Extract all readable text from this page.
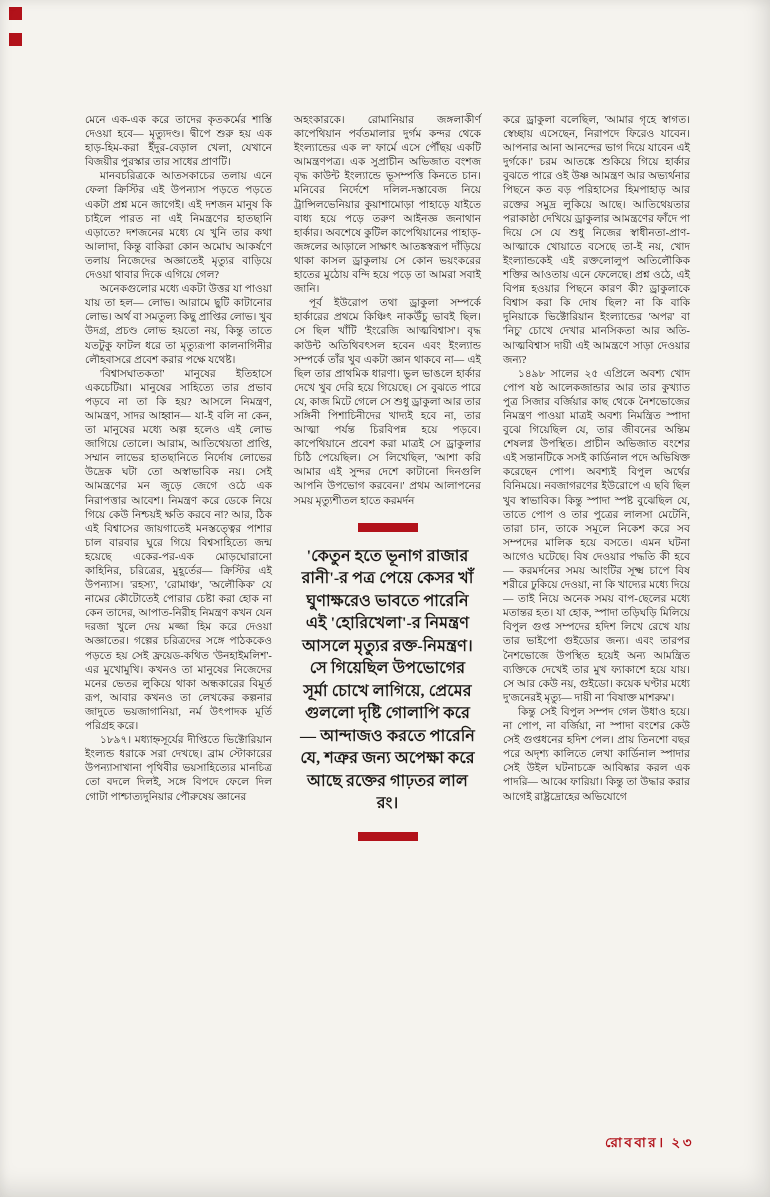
মেনে এক-এক করে তাদের কৃতকর্মের শাস্তি দেওয়া হবে— মৃত্যুদণ্ড। দ্বীপে শুরু হয় এক হাড়-হিম-করা ইঁদুর-বেড়াল খেলা, যেখানে বিজয়ীর পুরস্কার তার সাধের প্রাণটি।

মানবচরিত্রকে আতসকাচের তলায় এনে ফেলা ক্রিস্টির এই উপন্যাস পড়তে পড়তে একটা প্রশ্ন মনে জাগেই। এই দশজন মানুষ কি চাইলে পারত না এই নিমন্ত্রণের হাতছানি এড়াতে? দশজনের মধ্যে যে খুনি তার কথা আলাদা, কিন্তু বাকিরা কোন অমোঘ আকর্ষণে তলায় নিজেদের অজ্ঞাতেই মৃত্যুর বাড়িয়ে দেওয়া থাবার দিকে এগিয়ে গেল?

অনেকগুলোর মধ্যে একটা উত্তর যা পাওয়া যায় তা হল— লোভ। আরামে ছুটি কাটানোর লোভ। অর্থ বা সমতুল্য কিছু প্রাপ্তির লোভ। খুব উদগ্র, প্রচণ্ড লোভ হয়তো নয়, কিন্তু তাতে যতটুকু ফাটল ধরে তা মৃত্যুরূপা কালনাগিনীর লৌহবাসরে প্রবেশ করার পক্ষে যথেষ্ট।

'বিশ্বাসঘাতকতা' মানুষের ইতিহাসে একচেটিয়া। মানুষের সাহিত্যে তার প্রভাব পড়বে না তা কি হয়? আসলে নিমন্ত্রণ, আমন্ত্রণ, সাদর আহ্বান— যা-ই বলি না কেন, তা মানুষের মধ্যে অল্প হলেও এই লোভ জাগিয়ে তোলে। আরাম, আতিথেয়তা প্রাপ্তি, সম্মান লাভের হাতছানিতে নির্দোষ লোভের উদ্রেক ঘটা তো অস্বাভাবিক নয়। সেই আমন্ত্রণের মন জুড়ে জেগে ওঠে এক নিরাপত্তার আবেশ। নিমন্ত্রণ করে ডেকে নিয়ে গিয়ে কেউ নিশ্চয়ই ক্ষতি করবে না? আর, ঠিক এই বিশ্বাসের জায়গাতেই মনস্তত্ত্বের পাশার চাল বারবার ঘুরে গিয়ে বিশ্বসাহিত্যে জন্ম হয়েছে একের-পর-এক মোড়ঘোরানো কাহিনির, চরিত্রের, মুহূর্তের— ক্রিস্টির এই উপন্যাস। 'রহস্য', 'রোমাঞ্চ', 'অলৌকিক' যে নামের কৌটোতেই পোরার চেষ্টা করা হোক না কেন তাদের, আপাত-নিরীহ নিমন্ত্রণ কখন যেন দরজা খুলে দেয় মজ্জা হিম করে দেওয়া অজ্ঞাতের। গল্পের চরিত্রদের সঙ্গে পাঠককেও পড়তে হয় সেই ফ্রয়েড-কথিত 'উনহাইমলিশ'-এর মুখোমুখি। কখনও তা মানুষের নিজেদের মনের ভেতর লুকিয়ে থাকা অন্ধকারের বিমূর্ত রূপ, আবার কখনও তা লেখকের কল্পনার জাদুতে ভয়জাগানিয়া, নর্ম উৎপাদক মূর্তি পরিগ্রহ করে।

১৮৯৭। মধ্যাহ্নসূর্যের দীপ্তিতে ভিক্টোরিয়ান ইংল্যন্ড ধরাকে সরা দেখছে। ব্রাম স্টোকারের উপন্যাসাখানা পৃথিবীর ভয়সাহিত্যের মানচিত্র তো বদলে দিলই, সঙ্গে বিপদে ফেলে দিল গোটা পাশ্চাত্যদুনিয়ার পৌরুষেয় জ্ঞানের

অহংকারকে। রোমানিয়ার জঙ্গলাকীর্ণ কাপেথিয়ান পর্বতমালার দুর্গম কন্দর থেকে ইংল্যান্ডের এক ল' ফার্মে এসে পৌঁছয় একটি আমন্ত্রণপত্র। এক সুপ্রাচীন অভিজাত বংশজ বৃদ্ধ কাউন্ট ইংল্যান্ডে ভূসম্পত্তি কিনতে চান। মনিবের নির্দেশে দলিল-দস্তাবেজ নিয়ে ট্রান্সিলভেনিয়ার কুয়াশামোড়া পাহাড়ে যাইতে বাধ্য হয়ে পড়ে তরুণ আইনজ্ঞ জনাথান হার্কার। অবশেষে কুটিল কাপেথিয়ানের পাহাড়-জঙ্গলের আড়ালে সাক্ষাৎ আতঙ্কস্বরূপ দাঁড়িয়ে থাকা কাসল ড্রাকুলায় সে কোন ভয়ংকরের হাতের মুঠোয় বন্দি হয়ে পড়ে তা আমরা সবাই জানি।

পূর্ব ইউরোপ তথা ড্রাকুলা সম্পর্কে হার্কারের প্রথমে কিঞ্চিৎ নাকউঁচু ভাবই ছিল। সে ছিল খাঁটি 'ইংরেজি আত্মবিশ্বাস'। বৃদ্ধ কাউন্ট অতিথিবৎসল হবেন এবং ইংল্যান্ড সম্পর্কে তাঁর খুব একটা জ্ঞান থাকবে না— এই ছিল তার প্রাথমিক ধারণা। ভুল ভাঙলে হার্কার দেখে খুব দেরি হয়ে গিয়েছে। সে বুঝতে পারে যে, কাজ মিটে গেলে সে শুধু ড্রাকুলা আর তার সঙ্গিনী পিশাচিনীদের খাদ্যই হবে না, তার আত্মা পর্যন্ত চিরবিপন্ন হয়ে পড়বে। কাপেথিয়ানে প্রবেশ করা মাত্রই সে ড্রাকুলার চিঠি পেয়েছিল। সে লিখেছিল, 'আশা করি আমার এই সুন্দর দেশে কাটানো দিনগুলি আপনি উপভোগ করবেন।' প্রথম আলাপনের সময় মৃত্যুশীতল হাতে করমর্দন

'কেতুন হতে ভূনাগ রাজার রানী'-র পত্র পেয়ে কেসর খাঁ ঘুণাক্ষরেও ভাবতে পারেনি এই 'হোরিখেলা'-র নিমন্ত্রণ আসলে মৃত্যুর রক্ত-নিমন্ত্রণ। সে গিয়েছিল উপভোগের সূর্মা চোখে লাগিয়ে, প্রেমের গুললো দৃষ্টি গোলাপি করে— আন্দাজও করতে পারেনি যে, শত্রুর জন্য অপেক্ষা করে আছে রক্তের গাঢ়তর লাল রং।

করে ড্রাকুলা বলেছিল, 'আমার গৃহে স্বাগত। স্বেচ্ছায় এসেছেন, নিরাপদে ফিরেও যাবেন। আপনার আনা আনন্দের ভাগ দিয়ে যাবেন এই দুর্গকে।' চরম আতঙ্কে শুকিয়ে গিয়ে হার্কার বুঝতে পারে ওই উষ্ণ আমন্ত্রণ আর অভ্যর্থনার পিছনে কত বড় পরিহাসের হিমপাহাড় আর রক্তের সমুদ্র লুকিয়ে আছে। আতিথেয়তার পরাকাষ্ঠা দেখিয়ে ড্রাকুলার আমন্ত্রণের ফাঁদে পা দিয়ে সে যে শুধু নিজের স্বাধীনতা-প্রাণ-আত্মাকে খোয়াতে বসেছে তা-ই নয়, খোদ ইংল্যান্ডকেই এই রক্তলোলুপ অতিলৌকিক শক্তির আওতায় এনে ফেলেছে। প্রশ্ন ওঠে, এই বিপন্ন হওয়ার পিছনে কারণ কী? ড্রাকুলাকে বিশ্বাস করা কি দোষ ছিল? না কি বাকি দুনিয়াকে ভিক্টোরিয়ান ইংল্যান্ডের 'অপর' বা 'নিচু' চোখে দেখার মানসিকতা আর অতি-আত্মবিশ্বাস দায়ী এই আমন্ত্রণে সাড়া দেওয়ার জন্য?

১৪৯৮ সালের ২৫ এপ্রিলে অবশ্য খোদ পোপ ষষ্ঠ আলেকজান্ডার আর তার কুখ্যাত পুত্র সিজার বর্জিয়ার কাছ থেকে নৈশভোজের নিমন্ত্রণ পাওয়া মাত্রই অবশ্য নিমন্ত্রিত স্পাদা বুঝে গিয়েছিল যে, তার জীবনের অন্তিম শেষলগ্ন উপস্থিত। প্রাচীন অভিজাত বংশের এই সন্তানটিকে সসই কার্ডিনাল পদে অভিষিক্ত করেছেন পোপ। অবশ্যই বিপুল অর্থের বিনিময়ে। নবজাগরণের ইউরোপে এ ছবি ছিল খুব স্বাভাবিক। কিন্তু স্পাদা স্পষ্ট বুঝেছিল যে, তাতে পোপ ও তার পুত্রের লালসা মেটেনি, তারা চান, তাকে সমূলে নিকেশ করে সব সম্পদের মালিক হয়ে বসতে। এমন ঘটনা আগেও ঘটেছে। বিষ দেওয়ার পদ্ধতি কী হবে— করমর্দনের সময় আংটির সূক্ষ্ম চাপে বিষ শরীরে ঢুকিয়ে দেওয়া, না কি খাদ্যের মধ্যে দিয়ে— তাই নিয়ে অনেক সময় বাপ-ছেলের মধ্যে মতান্তর হত। যা হোক, স্পাদা তড়িঘড়ি মিলিয়ে বিপুল গুপ্ত সম্পদের হদিশ লিখে রেখে যায় তার ভাইপো গুইডোর জন্য। এবং তারপর নৈশভোজে উপস্থিত হয়েই অন্য আমন্ত্রিত ব্যক্তিকে দেখেই তার মুখ ফ্যাকাশে হয়ে যায়। সে আর কেউ নয়, গুইডো। কয়েক ঘণ্টার মধ্যে দু'জনেরই মৃত্যু— দায়ী না 'বিষাক্ত মাশরুম'।

কিন্তু সেই বিপুল সম্পদ গেল উধাও হয়ে। না পোপ, না বর্জিয়া, না স্পাদা বংশের কেউ সেই গুপ্তধনের হদিশ পেল। প্রায় তিনশো বছর পরে অদৃশ্য কালিতে লেখা কার্ডিনাল স্পাদার সেই উইল ঘটনাচক্রে আবিষ্কার করল এক পাদরি— আব্বে ফারিয়া। কিন্তু তা উদ্ধার করার আগেই রাষ্ট্রদ্রোহের অভিযোগে

রোববার। ২৩
